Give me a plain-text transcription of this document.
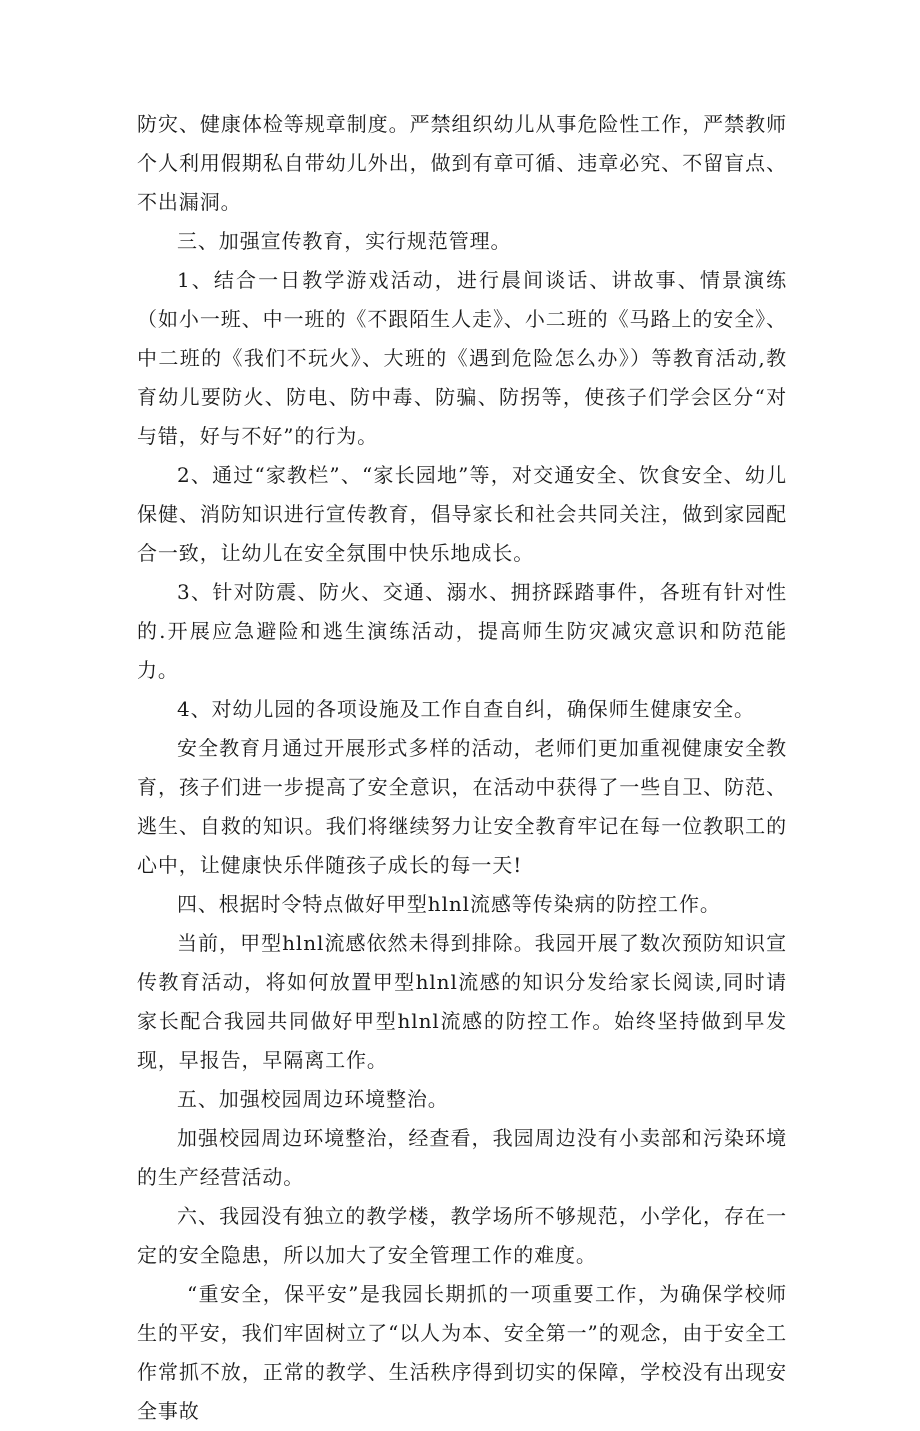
防灾、健康体检等规章制度。严禁组织幼儿从事危险性工作，严禁教师个人利用假期私自带幼儿外出，做到有章可循、违章必究、不留盲点、不出漏洞。

三、加强宣传教育，实行规范管理。

1、结合一日教学游戏活动，进行晨间谈话、讲故事、情景演练（如小一班、中一班的《不跟陌生人走》、小二班的《马路上的安全》、中二班的《我们不玩火》、大班的《遇到危险怎么办》）等教育活动,教育幼儿要防火、防电、防中毒、防骗、防拐等，使孩子们学会区分“对与错，好与不好”的行为。

2、通过“家教栏”、“家长园地”等，对交通安全、饮食安全、幼儿保健、消防知识进行宣传教育，倡导家长和社会共同关注，做到家园配合一致，让幼儿在安全氛围中快乐地成长。

3、针对防震、防火、交通、溺水、拥挤踩踏事件，各班有针对性的.开展应急避险和逃生演练活动，提高师生防灾减灾意识和防范能力。

4、对幼儿园的各项设施及工作自查自纠，确保师生健康安全。

安全教育月通过开展形式多样的活动，老师们更加重视健康安全教育，孩子们进一步提高了安全意识，在活动中获得了一些自卫、防范、逃生、自救的知识。我们将继续努力让安全教育牢记在每一位教职工的心中，让健康快乐伴随孩子成长的每一天!

四、根据时令特点做好甲型hlnl流感等传染病的防控工作。

当前，甲型hlnl流感依然未得到排除。我园开展了数次预防知识宣传教育活动，将如何放置甲型hlnl流感的知识分发给家长阅读,同时请家长配合我园共同做好甲型hlnl流感的防控工作。始终坚持做到早发现，早报告，早隔离工作。

五、加强校园周边环境整治。

加强校园周边环境整治，经查看，我园周边没有小卖部和污染环境的生产经营活动。

六、我园没有独立的教学楼，教学场所不够规范，小学化，存在一定的安全隐患，所以加大了安全管理工作的难度。

“重安全，保平安”是我园长期抓的一项重要工作，为确保学校师生的平安，我们牢固树立了“以人为本、安全第一”的观念，由于安全工作常抓不放，正常的教学、生活秩序得到切实的保障，学校没有出现安全事故
